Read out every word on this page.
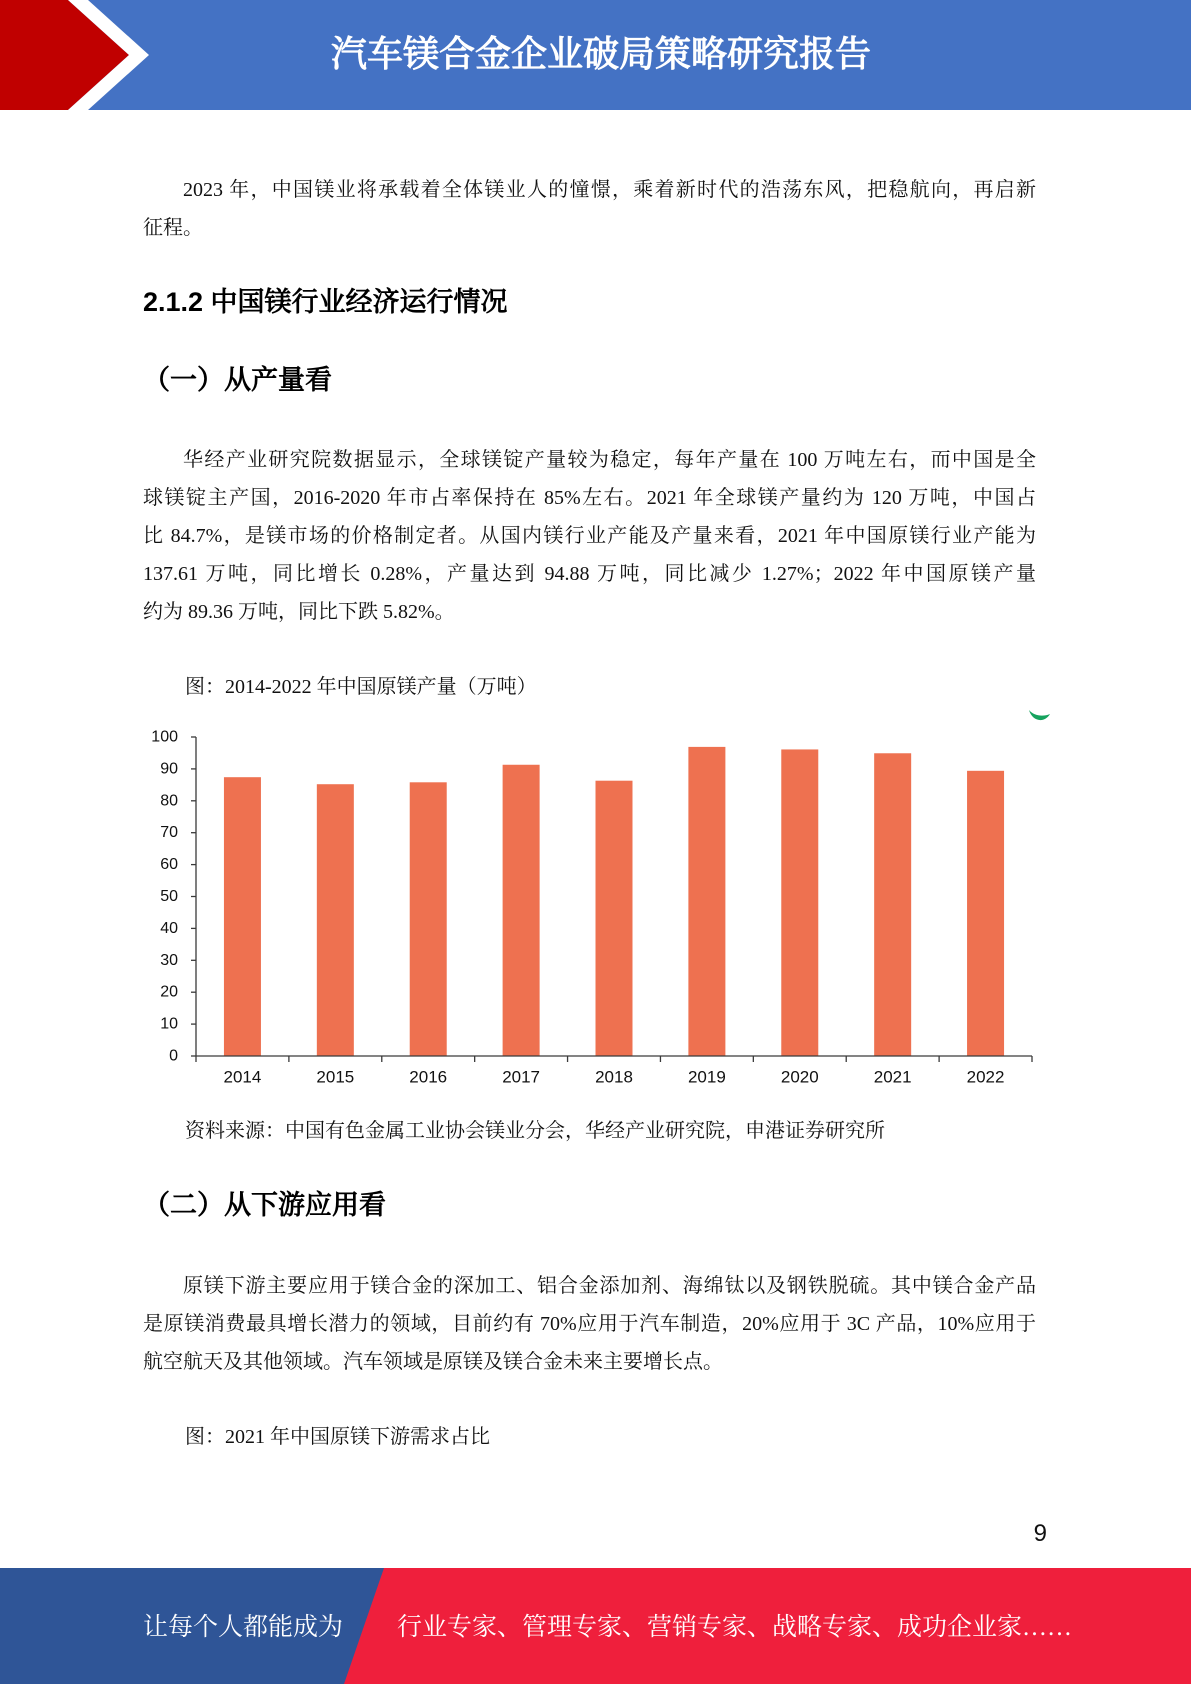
汽车镁合金企业破局策略研究报告
2023 年，中国镁业将承载着全体镁业人的憧憬，乘着新时代的浩荡东风，把稳航向，再启新
征程。
2.1.2 中国镁行业经济运行情况
（一）从产量看
华经产业研究院数据显示，全球镁锭产量较为稳定，每年产量在 100 万吨左右，而中国是全
球镁锭主产国，2016-2020 年市占率保持在 85%左右。2021 年全球镁产量约为 120 万吨，中国占
比 84.7%，是镁市场的价格制定者。从国内镁行业产能及产量来看，2021 年中国原镁行业产能为
137.61 万吨，同比增长 0.28%，产量达到 94.88 万吨，同比减少 1.27%；2022 年中国原镁产量
约为 89.36 万吨，同比下跌 5.82%。
图：2014-2022 年中国原镁产量（万吨）
0
10
20
30
40
50
60
70
80
90
100
2014	2015	2016	2017	2018	2019	2020	2021	2022
资料来源：中国有色金属工业协会镁业分会，华经产业研究院，申港证券研究所
（二）从下游应用看
原镁下游主要应用于镁合金的深加工、铝合金添加剂、海绵钛以及钢铁脱硫。其中镁合金产品
是原镁消费最具增长潜力的领域，目前约有 70%应用于汽车制造，20%应用于 3C 产品，10%应用于
航空航天及其他领域。汽车领域是原镁及镁合金未来主要增长点。
图：2021 年中国原镁下游需求占比
9
让每个人都能成为 行业专家、管理专家、营销专家、战略专家、成功企业家……
